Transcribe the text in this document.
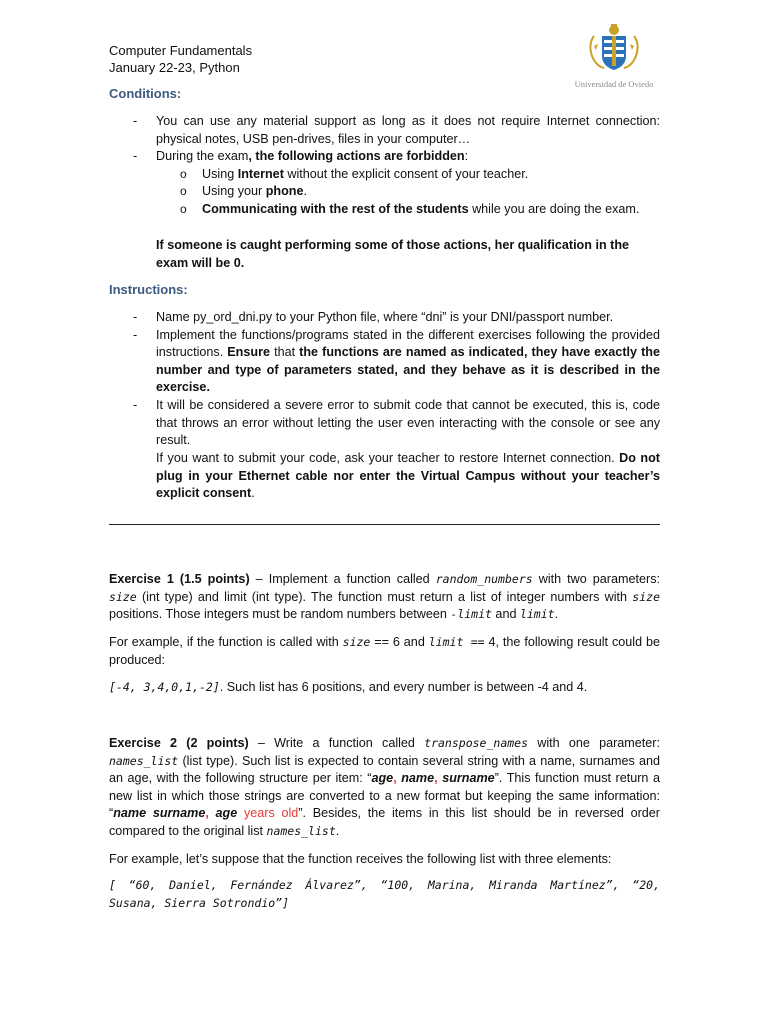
Computer Fundamentals
January 22-23, Python
Universidad de Oviedo
Conditions:
- You can use any material support as long as it does not require Internet connection: physical notes, USB pen-drives, files in your computer…
- During the exam, the following actions are forbidden:
o Using Internet without the explicit consent of your teacher.
o Using your phone.
o Communicating with the rest of the students while you are doing the exam.
If someone is caught performing some of those actions, her qualification in the exam will be 0.
Instructions:
- Name py_ord_dni.py to your Python file, where “dni” is your DNI/passport number.
- Implement the functions/programs stated in the different exercises following the provided instructions. Ensure that the functions are named as indicated, they have exactly the number and type of parameters stated, and they behave as it is described in the exercise.
- It will be considered a severe error to submit code that cannot be executed, this is, code that throws an error without letting the user even interacting with the console or see any result.
If you want to submit your code, ask your teacher to restore Internet connection. Do not plug in your Ethernet cable nor enter the Virtual Campus without your teacher’s explicit consent.

Exercise 1 (1.5 points) – Implement a function called random_numbers with two parameters: size (int type) and limit (int type). The function must return a list of integer numbers with size positions. Those integers must be random numbers between -limit and limit.

For example, if the function is called with size == 6 and limit == 4, the following result could be produced:

[-4, 3,4,0,1,-2]. Such list has 6 positions, and every number is between -4 and 4.

Exercise 2 (2 points) – Write a function called transpose_names with one parameter: names_list (list type). Such list is expected to contain several string with a name, surnames and an age, with the following structure per item: “age, name, surname”. This function must return a new list in which those strings are converted to a new format but keeping the same information: “name surname, age years old”. Besides, the items in this list should be in reversed order compared to the original list names_list.

For example, let’s suppose that the function receives the following list with three elements:

[ “60, Daniel, Fernández Álvarez”, “100, Marina, Miranda Martínez”, “20, Susana, Sierra Sotrondio”]
